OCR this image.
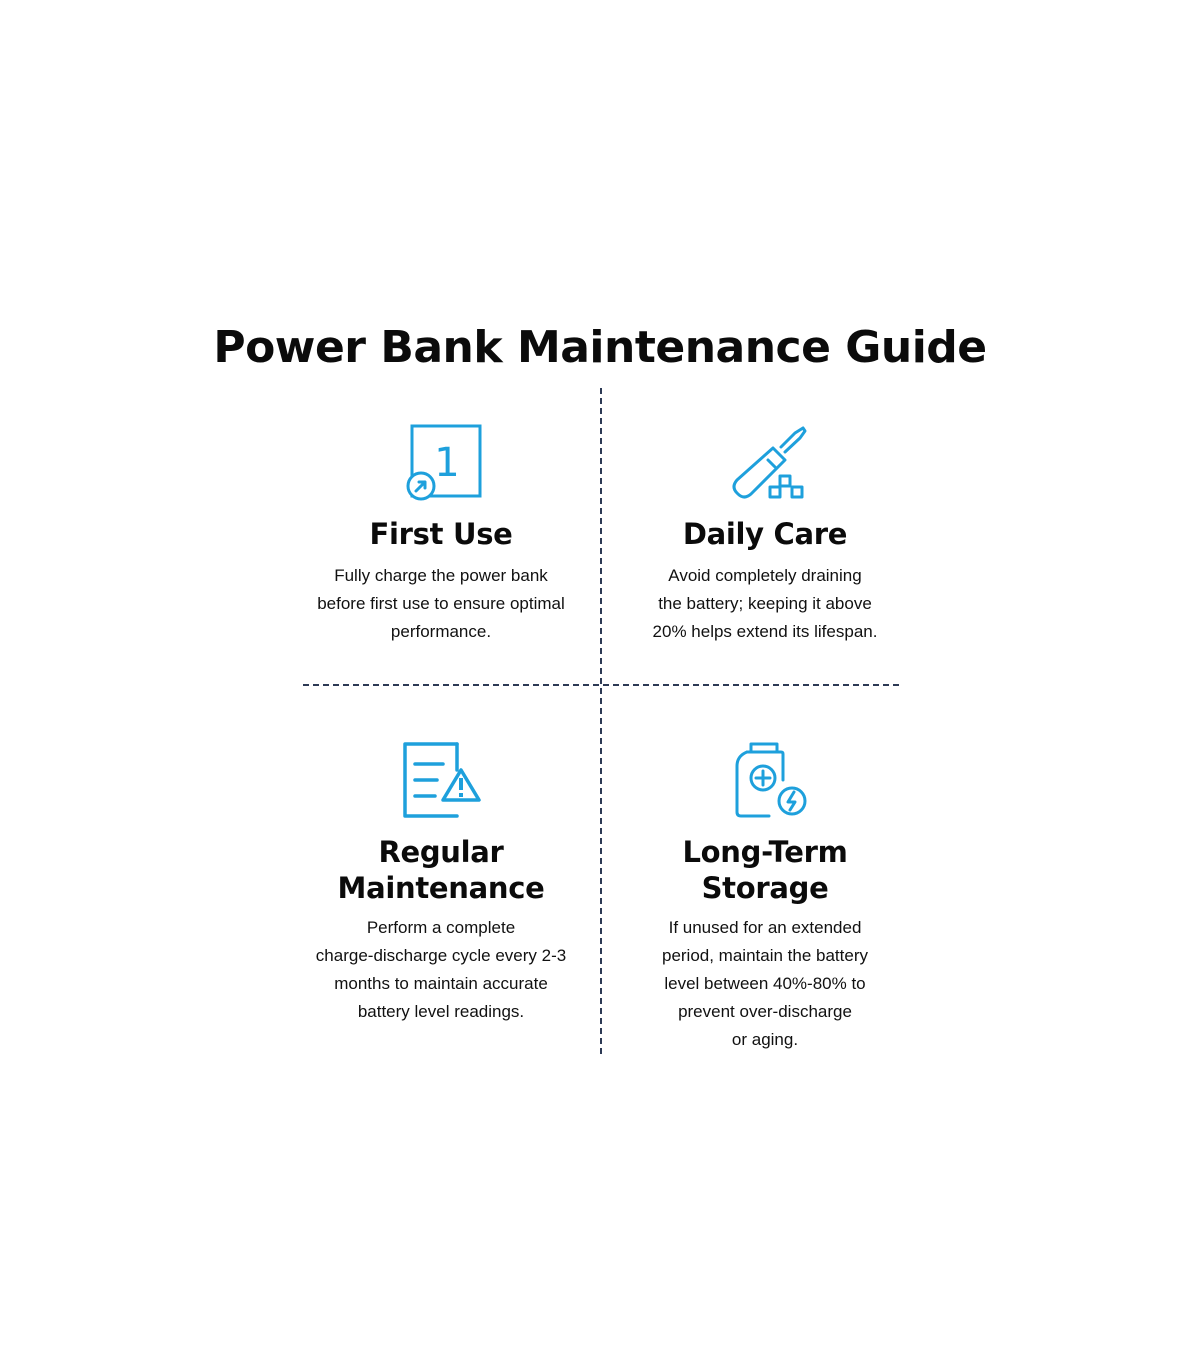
Power Bank Maintenance Guide
1
First Use

Fully charge the power bank
before first use to ensure optimal
performance.

Daily Care

Avoid completely draining
the battery; keeping it above
20% helps extend its lifespan.

Regular
Maintenance

Perform a complete
charge-discharge cycle every 2-3
months to maintain accurate
battery level readings.

Long-Term
Storage

If unused for an extended
period, maintain the battery
level between 40%-80% to
prevent over-discharge
or aging.
